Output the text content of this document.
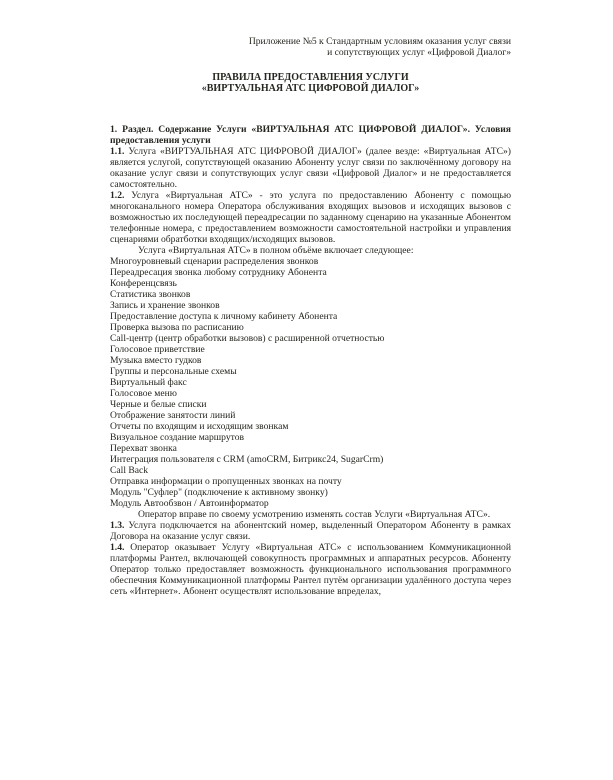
Приложение №5 к Стандартным условиям оказания услуг связи
и сопутствующих услуг «Цифровой Диалог»
ПРАВИЛА ПРЕДОСТАВЛЕНИЯ УСЛУГИ
«ВИРТУАЛЬНАЯ АТС ЦИФРОВОЙ ДИАЛОГ»
1. Раздел. Содержание Услуги «ВИРТУАЛЬНАЯ АТС ЦИФРОВОЙ ДИАЛОГ». Условия предоставления услуги

1.1. Услуга «ВИРТУАЛЬНАЯ АТС ЦИФРОВОЙ ДИАЛОГ» (далее везде: «Виртуальная АТС») является услугой, сопутствующей оказанию Абоненту услуг связи по заключённому договору на оказание услуг связи и сопутствующих услуг связи «Цифровой Диалог» и не предоставляется самостоятельно.

1.2. Услуга «Виртуальная АТС» - это услуга по предоставлению Абоненту с помощью многоканального номера Оператора обслуживания входящих вызовов и исходящих вызовов с возможностью их последующей переадресации по заданному сценарию на указанные Абонентом телефонные номера, с предоставлением возможности самостоятельной настройки и управления сценариями обратботки входящих/исходящих вызовов.

Услуга «Виртуальная АТС» в полном объёме включает следующее:

Многоуровневый сценарии распределения звонков
Переадресация звонка любому сотруднику Абонента
Конференцсвязь
Статистика звонков
Запись и хранение звонков
Предоставление доступа к личному кабинету Абонента
Проверка вызова по расписанию
Call-центр (центр обработки вызовов) с расширенной отчетностью
Голосовое приветствие
Музыка вместо гудков
Группы и персональные схемы
Виртуальный факс
Голосовое меню
Черные и белые списки
Отображение занятости линий
Отчеты по входящим и исходящим звонкам
Визуальное создание маршрутов
Перехват звонка
Интеграция пользователя с CRM (amoCRM, Битрикс24, SugarCrm)
Call Back
Отправка информации о пропущенных звонках на почту
Модуль "Суфлер" (подключение к активному звонку)
Модуль Автообзвон / Автоинформатор

Оператор вправе по своему усмотрению изменять состав Услуги «Виртуальная АТС».

1.3. Услуга подключается на абонентский номер, выделенный Оператором Абоненту в рамках Договора на оказание услуг связи.

1.4. Оператор оказывает Услугу «Виртуальная АТС» с использованием Коммуникационной платформы Рантел, включающей совокупность программных и аппаратных ресурсов. Абоненту Оператор только предоставляет возможность функционального использования программного обеспечния Коммуникационной платформы Рантел путём организации удалённого доступа через сеть «Интернет». Абонент осуществлят использование впределах,
